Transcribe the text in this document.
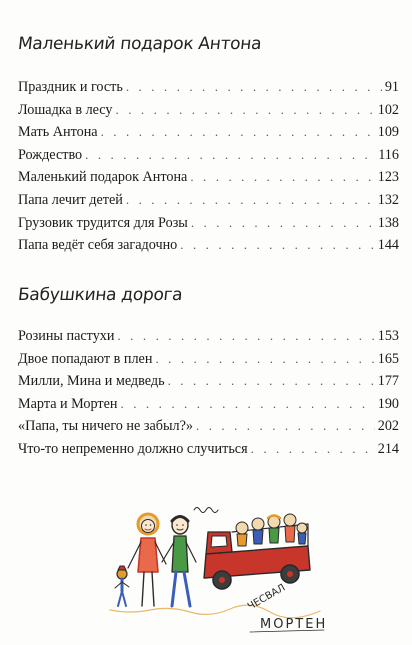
Маленький подарок Антона
Праздник и гость . . .	91
Лошадка в лесу . . .	102
Мать Антона . . .	109
Рождество . . .	116
Маленький подарок Антона . . .	123
Папа лечит детей . . .	132
Грузовик трудится для Розы . . .	138
Папа ведёт себя загадочно . . .	144
Бабушкина дорога
Розины пастухи . . .	153
Двое попадают в плен . . .	165
Милли, Мина и медведь . . .	177
Марта и Мортен . . .	190
«Папа, ты ничего не забыл?» . . .	202
Что-то непременно должно случиться . . .	214
ЧЕСВАЛ
МОРТЕН
